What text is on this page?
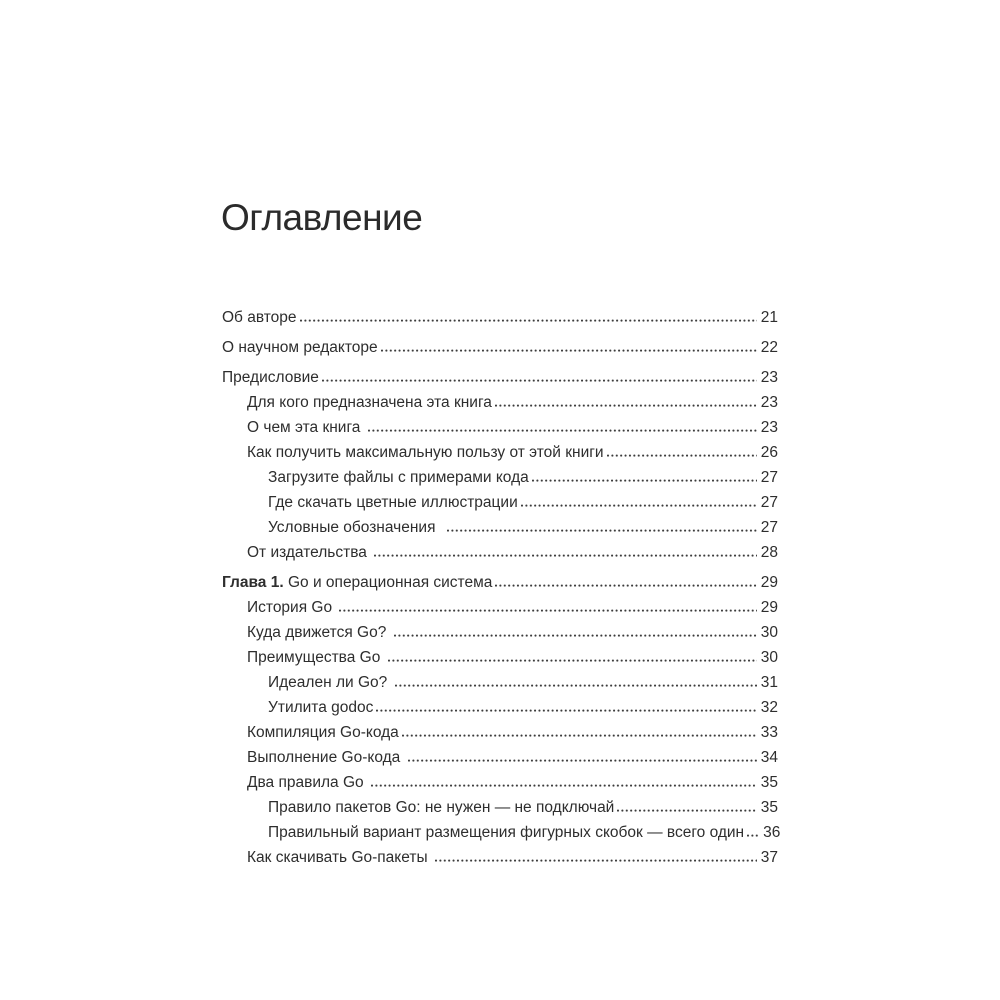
Оглавление
Об авторе	21
О научном редакторе	22
Предисловие	23
Для кого предназначена эта книга	23
О чем эта книга	23
Как получить максимальную пользу от этой книги	26
Загрузите файлы с примерами кода	27
Где скачать цветные иллюстрации	27
Условные обозначения	27
От издательства	28
Глава 1. Go и операционная система	29
История Go	29
Куда движется Go?	30
Преимущества Go	30
Идеален ли Go?	31
Утилита godoc	32
Компиляция Go-кода	33
Выполнение Go-кода	34
Два правила Go	35
Правило пакетов Go: не нужен — не подключай	35
Правильный вариант размещения фигурных скобок — всего один 36
Как скачивать Go-пакеты	37
